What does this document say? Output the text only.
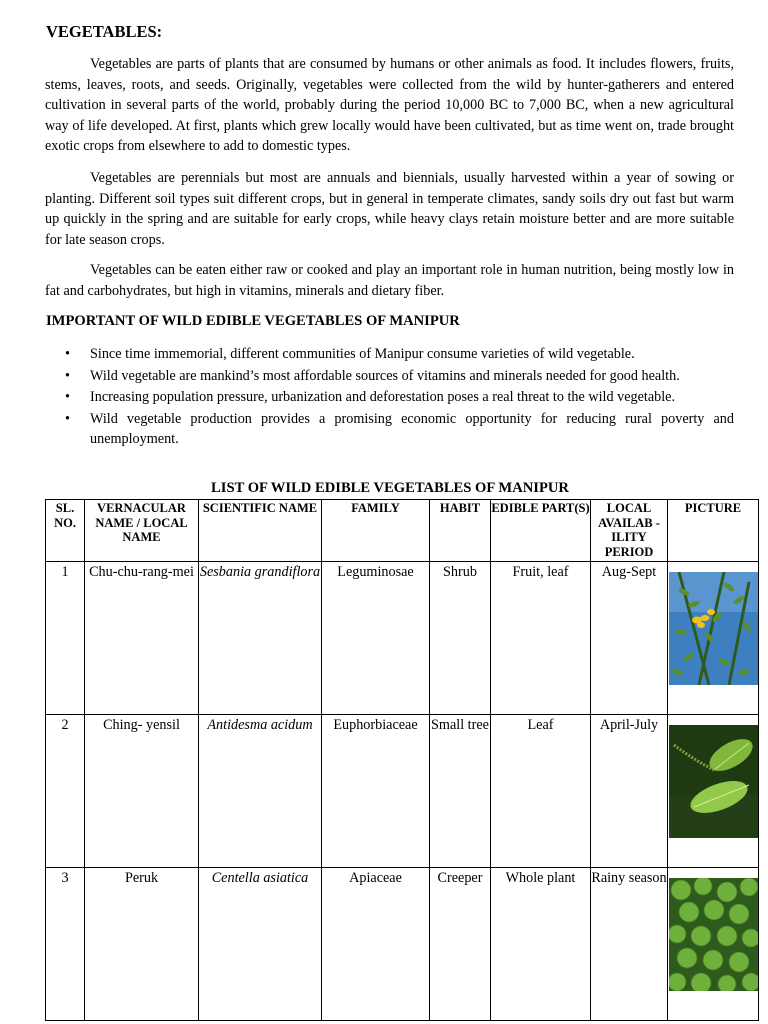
VEGETABLES:

Vegetables are parts of plants that are consumed by humans or other animals as food. It includes flowers, fruits, stems, leaves, roots, and seeds. Originally, vegetables were collected from the wild by hunter-gatherers and entered cultivation in several parts of the world, probably during the period 10,000 BC to 7,000 BC, when a new agricultural way of life developed. At first, plants which grew locally would have been cultivated, but as time went on, trade brought exotic crops from elsewhere to add to domestic types.

Vegetables are perennials but most are annuals and biennials, usually harvested within a year of sowing or planting. Different soil types suit different crops, but in general in temperate climates, sandy soils dry out fast but warm up quickly in the spring and are suitable for early crops, while heavy clays retain moisture better and are more suitable for late season crops.

Vegetables can be eaten either raw or cooked and play an important role in human nutrition, being mostly low in fat and carbohydrates, but high in vitamins, minerals and dietary fiber.

IMPORTANT OF WILD EDIBLE VEGETABLES OF MANIPUR
• Since time immemorial, different communities of Manipur consume varieties of wild vegetable.
• Wild vegetable are mankind’s most affordable sources of vitamins and minerals needed for good health.
• Increasing population pressure, urbanization and deforestation poses a real threat to the wild vegetable.
• Wild vegetable production provides a promising economic opportunity for reducing rural poverty and unemployment.
LIST OF WILD EDIBLE VEGETABLES OF MANIPUR
SL. NO.	VERNACULAR NAME / LOCAL NAME	SCIENTIFIC NAME	FAMILY	HABIT	EDIBLE PART(S)	LOCAL AVAILAB -ILITY PERIOD	PICTURE
1	Chu-chu-rang-mei	Sesbania grandiflora	Leguminosae	Shrub	Fruit, leaf	Aug-Sept	

2	Ching- yensil	Antidesma acidum	Euphorbiaceae	Small tree	Leaf	April-July	

3	Peruk	Centella asiatica	Apiaceae	Creeper	Whole plant	Rainy season	
